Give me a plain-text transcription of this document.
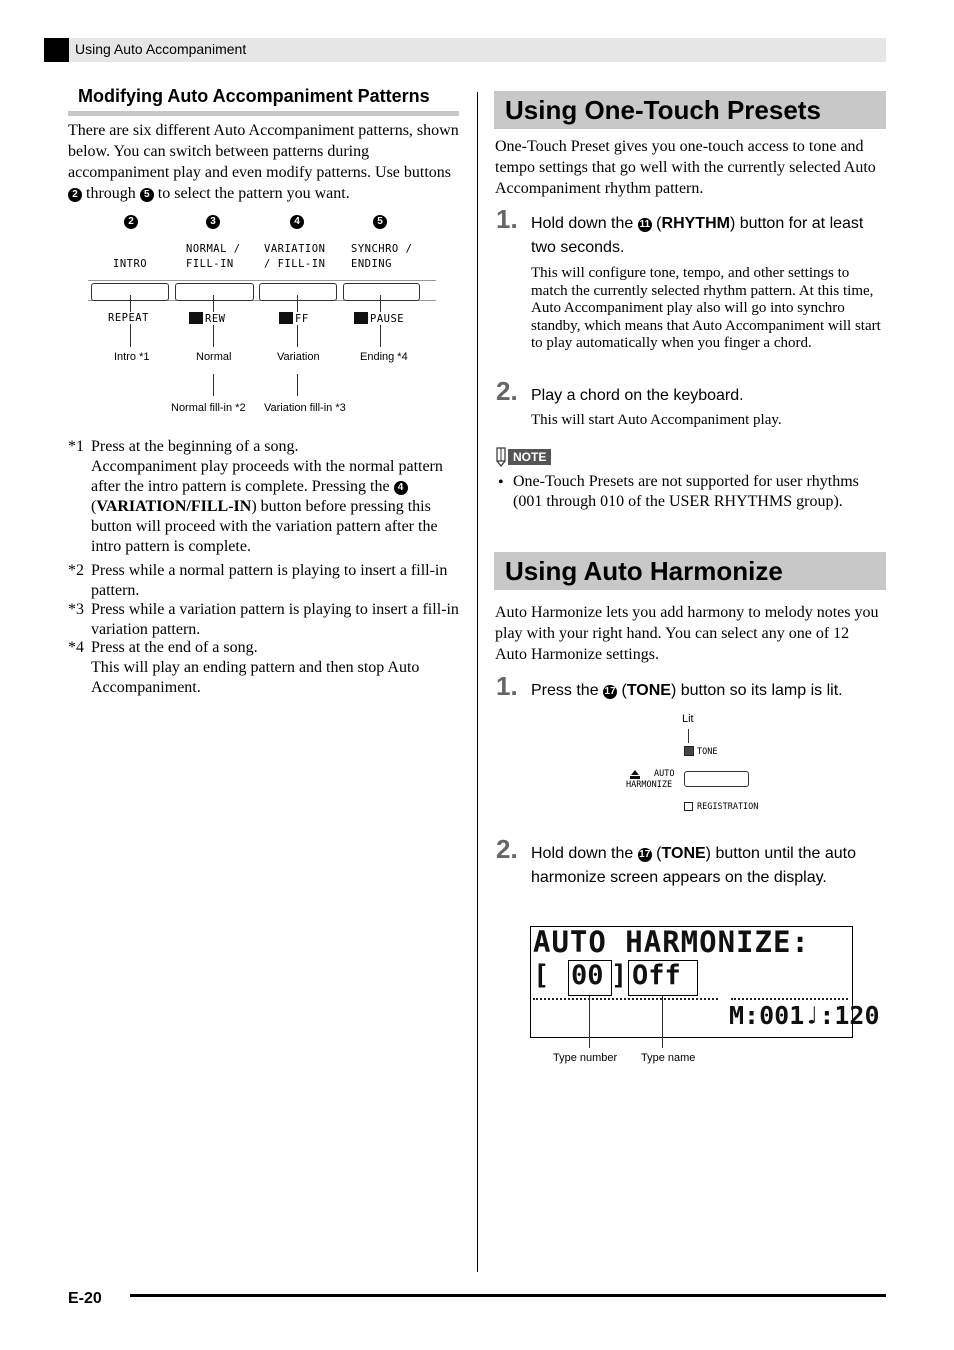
Using Auto Accompaniment
Modifying Auto Accompaniment Patterns
There are six different Auto Accompaniment patterns, shown below. You can switch between patterns during accompaniment play and even modify patterns. Use buttons 2 through 5 to select the pattern you want.
2	3	4	5
INTRO
NORMAL / FILL-IN
VARIATION / FILL-IN
SYNCHRO / ENDING
REPEAT	REW	FF	PAUSE
Intro *1	Normal	Variation	Ending *4
Normal fill-in *2 Variation fill-in *3
*1 Press at the beginning of a song.
Accompaniment play proceeds with the normal pattern after the intro pattern is complete. Pressing the 4 (VARIATION/FILL-IN) button before pressing this button will proceed with the variation pattern after the intro pattern is complete.
*2 Press while a normal pattern is playing to insert a fill-in pattern.
*3 Press while a variation pattern is playing to insert a fill-in variation pattern.
*4 Press at the end of a song.
This will play an ending pattern and then stop Auto Accompaniment.
Using One-Touch Presets
One-Touch Preset gives you one-touch access to tone and tempo settings that go well with the currently selected Auto Accompaniment rhythm pattern.
1. Hold down the 11 (RHYTHM) button for at least two seconds.
This will configure tone, tempo, and other settings to match the currently selected rhythm pattern. At this time, Auto Accompaniment play also will go into synchro standby, which means that Auto Accompaniment will start to play automatically when you finger a chord.
2. Play a chord on the keyboard.
This will start Auto Accompaniment play.
NOTE
• One-Touch Presets are not supported for user rhythms (001 through 010 of the USER RHYTHMS group).
Using Auto Harmonize
Auto Harmonize lets you add harmony to melody notes you play with your right hand. You can select any one of 12 Auto Harmonize settings.
1. Press the 17 (TONE) button so its lamp is lit.
Lit
TONE
AUTO
HARMONIZE
REGISTRATION
2. Hold down the 17 (TONE) button until the auto harmonize screen appears on the display.
AUTO HARMONIZE:
[ 00 ] Off
M:001♩:120
Type number Type name
E-20
